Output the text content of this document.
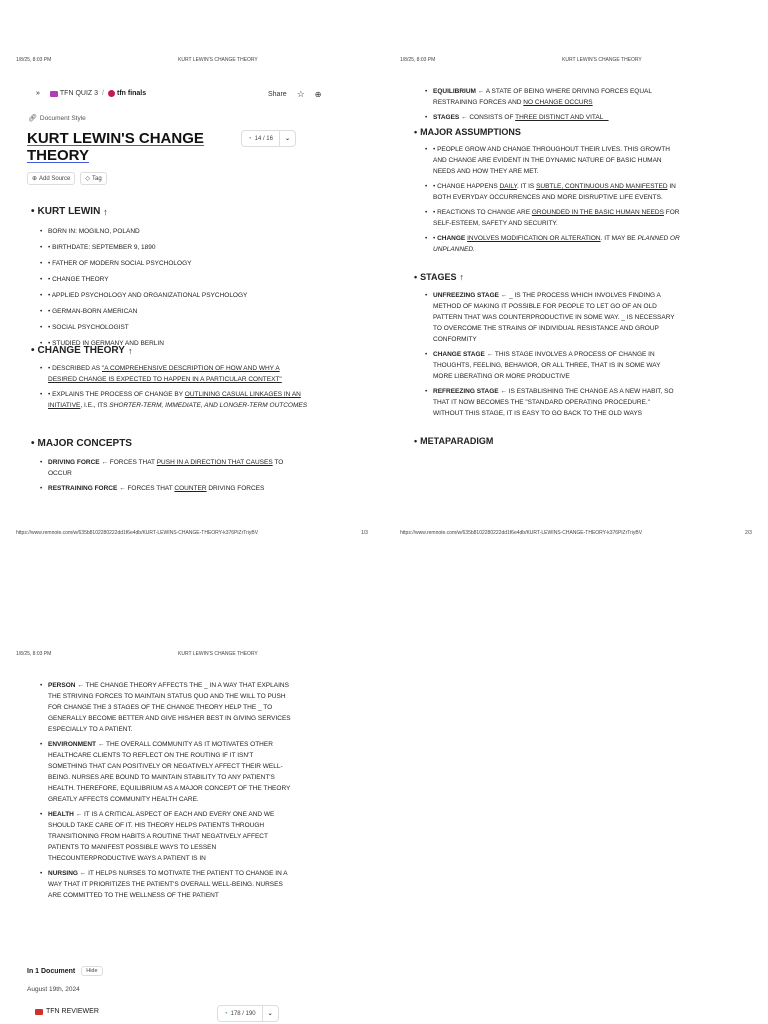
1/8/25, 8:03 PM	KURT LEWIN'S CHANGE THEORY
»	TFN QUIZ 3 / tfn finals	Share ☆ ⊕
🔗︎ Document Style
KURT LEWIN'S CHANGE
THEORY
◔ 14 / 16	⌄
⊕ Add Source	◇ Tag
• KURT LEWIN ↑
• BORN IN: MOGILNO, POLAND
• • BIRTHDATE: SEPTEMBER 9, 1890
• • FATHER OF MODERN SOCIAL PSYCHOLOGY
• • CHANGE THEORY
• • APPLIED PSYCHOLOGY AND ORGANIZATIONAL PSYCHOLOGY
• • GERMAN-BORN AMERICAN
• • SOCIAL PSYCHOLOGIST
• • STUDIED IN GERMANY AND BERLIN
• CHANGE THEORY ↑
• • DESCRIBED AS "A COMPREHENSIVE DESCRIPTION OF HOW AND WHY A DESIRED CHANGE IS EXPECTED TO HAPPEN IN A PARTICULAR CONTEXT"
• • EXPLAINS THE PROCESS OF CHANGE BY OUTLINING CASUAL LINKAGES IN AN INITIATIVE, I.E., ITS SHORTER-TERM, IMMEDIATE, AND LONGER-TERM OUTCOMES
• MAJOR CONCEPTS
• DRIVING FORCE ← FORCES THAT PUSH IN A DIRECTION THAT CAUSES TO OCCUR
• RESTRAINING FORCE ← FORCES THAT COUNTER DRIVING FORCES
https://www.remnote.com/w/635b8102280222dd1f6e4db/KURT-LEWINS-CHANGE-THEORY-k376PiZrTriyBV	1/3
1/8/25, 8:03 PM	KURT LEWIN'S CHANGE THEORY
• EQUILIBRIUM ← A STATE OF BEING WHERE DRIVING FORCES EQUAL RESTRAINING FORCES AND NO CHANGE OCCURS
• STAGES ← CONSISTS OF THREE DISTINCT AND VITAL _
• MAJOR ASSUMPTIONS
• • PEOPLE GROW AND CHANGE THROUGHOUT THEIR LIVES. THIS GROWTH AND CHANGE ARE EVIDENT IN THE DYNAMIC NATURE OF BASIC HUMAN NEEDS AND HOW THEY ARE MET.
• • CHANGE HAPPENS DAILY. IT IS SUBTLE, CONTINUOUS AND MANIFESTED IN BOTH EVERYDAY OCCURRENCES AND MORE DISRUPTIVE LIFE EVENTS.
• • REACTIONS TO CHANGE ARE GROUNDED IN THE BASIC HUMAN NEEDS FOR SELF-ESTEEM, SAFETY AND SECURITY.
• • CHANGE INVOLVES MODIFICATION OR ALTERATION. IT MAY BE PLANNED OR UNPLANNED.
• STAGES ↑
• UNFREEZING STAGE ← _ IS THE PROCESS WHICH INVOLVES FINDING A METHOD OF MAKING IT POSSIBLE FOR PEOPLE TO LET GO OF AN OLD PATTERN THAT WAS COUNTERPRODUCTIVE IN SOME WAY. _ IS NECESSARY TO OVERCOME THE STRAINS OF INDIVIDUAL RESISTANCE AND GROUP CONFORMITY
• CHANGE STAGE ← THIS STAGE INVOLVES A PROCESS OF CHANGE IN THOUGHTS, FEELING, BEHAVIOR, OR ALL THREE, THAT IS IN SOME WAY MORE LIBERATING OR MORE PRODUCTIVE
• REFREEZING STAGE ← IS ESTABLISHING THE CHANGE AS A NEW HABIT, SO THAT IT NOW BECOMES THE "STANDARD OPERATING PROCEDURE." WITHOUT THIS STAGE, IT IS EASY TO GO BACK TO THE OLD WAYS
• METAPARADIGM
https://www.remnote.com/w/635b8102280222dd1f6e4db/KURT-LEWINS-CHANGE-THEORY-k376PiZrTriyBV	2/3
1/8/25, 8:03 PM	KURT LEWIN'S CHANGE THEORY
• PERSON ← THE CHANGE THEORY AFFECTS THE _ IN A WAY THAT EXPLAINS THE STRIVING FORCES TO MAINTAIN STATUS QUO AND THE WILL TO PUSH FOR CHANGE THE 3 STAGES OF THE CHANGE THEORY HELP THE _ TO GENERALLY BECOME BETTER AND GIVE HIS/HER BEST IN GIVING SERVICES ESPECIALLY TO A PATIENT.
• ENVIRONMENT ← THE OVERALL COMMUNITY AS IT MOTIVATES OTHER HEALTHCARE CLIENTS TO REFLECT ON THE ROUTING IF IT ISN'T SOMETHING THAT CAN POSITIVELY OR NEGATIVELY AFFECT THEIR WELL-BEING. NURSES ARE BOUND TO MAINTAIN STABILITY TO ANY PATIENT'S HEALTH. THEREFORE, EQUILIBRIUM AS A MAJOR CONCEPT OF THE THEORY GREATLY AFFECTS COMMUNITY HEALTH CARE.
• HEALTH ← IT IS A CRITICAL ASPECT OF EACH AND EVERY ONE AND WE SHOULD TAKE CARE OF IT. HIS THEORY HELPS PATIENTS THROUGH TRANSITIONING FROM HABITS A ROUTINE THAT NEGATIVELY AFFECT PATIENTS TO MANIFEST POSSIBLE WAYS TO LESSEN THECOUNTERPRODUCTIVE WAYS A PATIENT IS IN
• NURSING ← IT HELPS NURSES TO MOTIVATE THE PATIENT TO CHANGE IN A WAY THAT IT PRIORITIZES THE PATIENT'S OVERALL WELL-BEING. NURSES ARE COMMITTED TO THE WELLNESS OF THE PATIENT
In 1 Document	Hide
August 19th, 2024
TFN REVIEWER	◔ 178 / 190	⌄
